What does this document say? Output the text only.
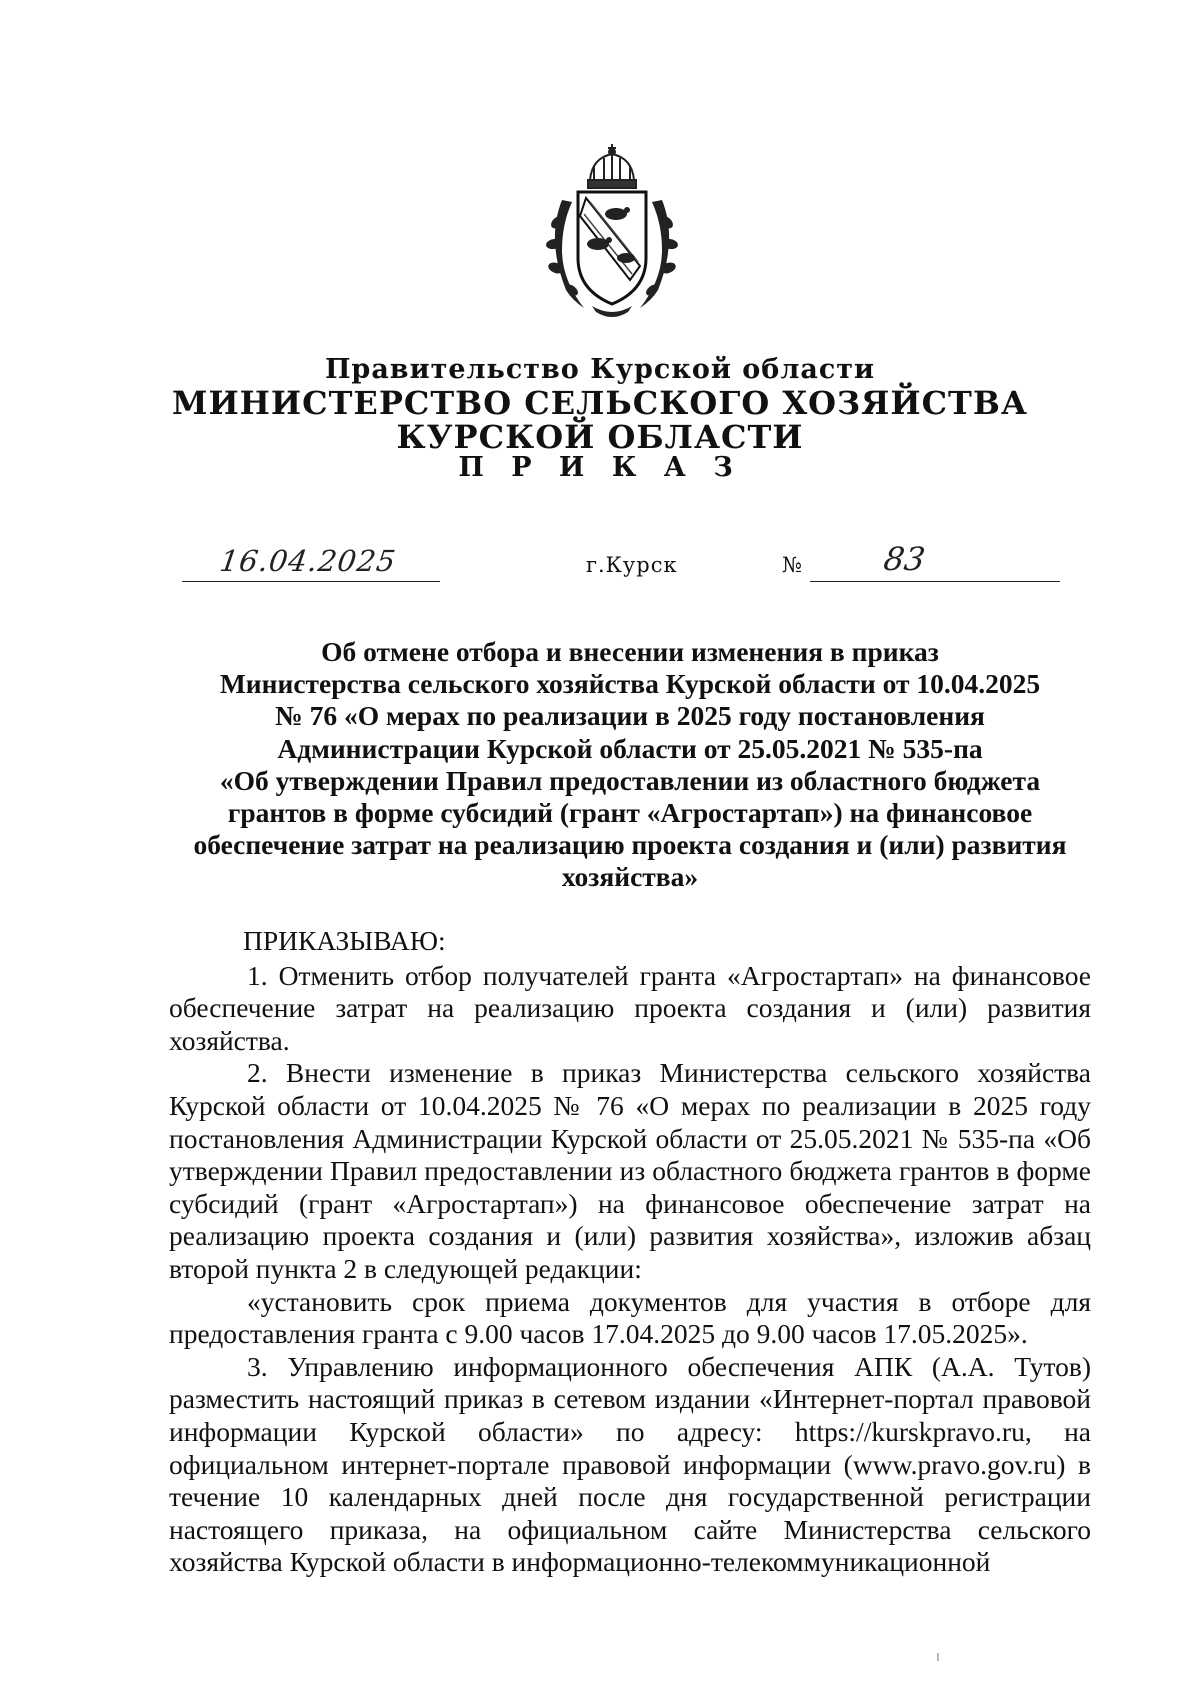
Правительство Курской области
МИНИСТЕРСТВО СЕЛЬСКОГО ХОЗЯЙСТВА
КУРСКОЙ ОБЛАСТИ
П Р И К А З
16.04.2025	г.Курск	№ 83
Об отмене отбора и внесении изменения в приказ
Министерства сельского хозяйства Курской области от 10.04.2025
№ 76 «О мерах по реализации в 2025 году постановления
Администрации Курской области от 25.05.2021 № 535-па
«Об утверждении Правил предоставлении из областного бюджета
грантов в форме субсидий (грант «Агростартап») на финансовое
обеспечение затрат на реализацию проекта создания и (или) развития
хозяйства»

ПРИКАЗЫВАЮ:

1. Отменить отбор получателей гранта «Агростартап» на финансовое обеспечение затрат на реализацию проекта создания и (или) развития хозяйства.

2. Внести изменение в приказ Министерства сельского хозяйства Курской области от 10.04.2025 № 76 «О мерах по реализации в 2025 году постановления Администрации Курской области от 25.05.2021 № 535-па «Об утверждении Правил предоставлении из областного бюджета грантов в форме субсидий (грант «Агростартап») на финансовое обеспечение затрат на реализацию проекта создания и (или) развития хозяйства», изложив абзац второй пункта 2 в следующей редакции:

«установить срок приема документов для участия в отборе для предоставления гранта с 9.00 часов 17.04.2025 до 9.00 часов 17.05.2025».

3. Управлению информационного обеспечения АПК (А.А. Тутов) разместить настоящий приказ в сетевом издании «Интернет-портал правовой информации Курской области» по адресу: https://kurskpravo.ru, на официальном интернет-портале правовой информации (www.pravo.gov.ru) в течение 10 календарных дней после дня государственной регистрации настоящего приказа, на официальном сайте Министерства сельского хозяйства Курской области в информационно-телекоммуникационной
